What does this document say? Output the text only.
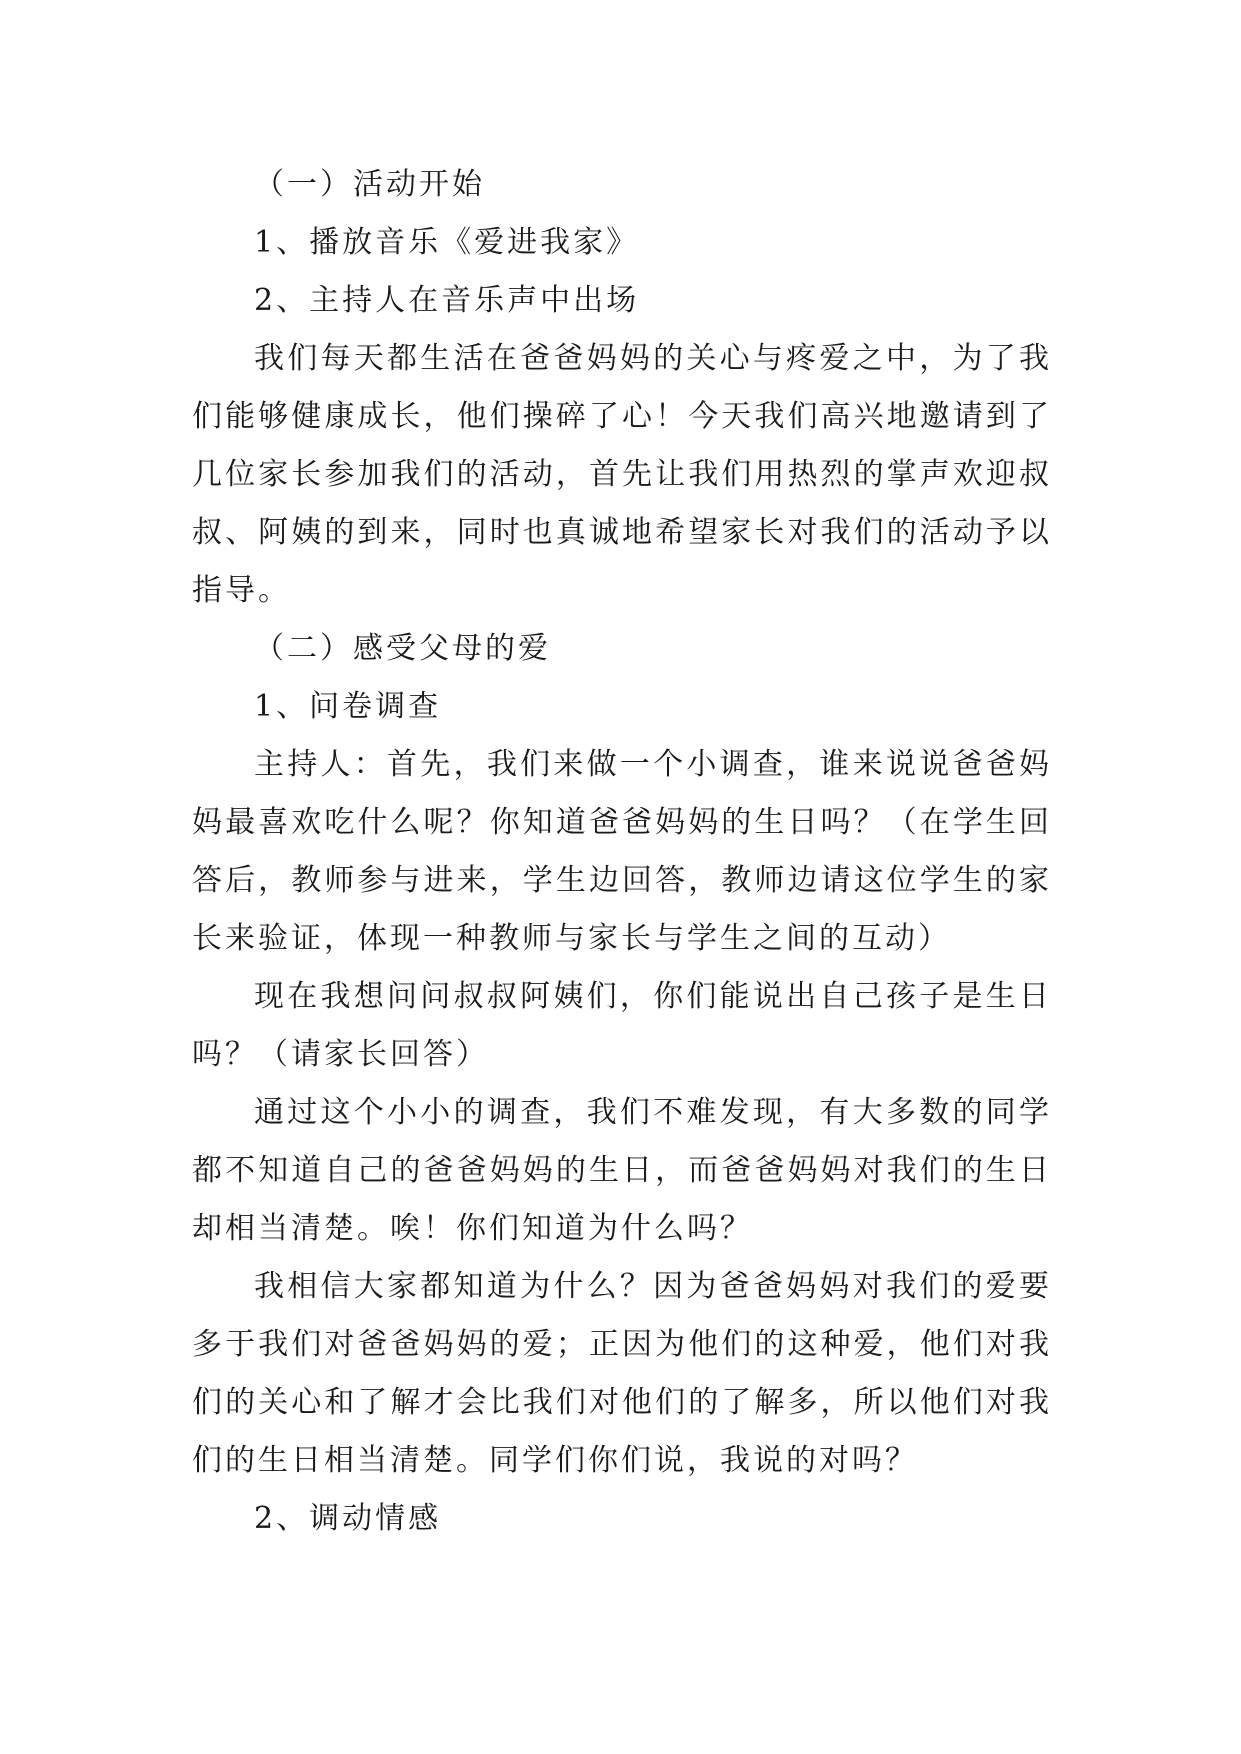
（一）活动开始

1、播放音乐《爱进我家》

2、主持人在音乐声中出场

我们每天都生活在爸爸妈妈的关心与疼爱之中，为了我们能够健康成长，他们操碎了心！今天我们高兴地邀请到了几位家长参加我们的活动，首先让我们用热烈的掌声欢迎叔叔、阿姨的到来，同时也真诚地希望家长对我们的活动予以指导。

（二）感受父母的爱

1、问卷调查

主持人：首先，我们来做一个小调查，谁来说说爸爸妈妈最喜欢吃什么呢？你知道爸爸妈妈的生日吗？（在学生回答后，教师参与进来，学生边回答，教师边请这位学生的家长来验证，体现一种教师与家长与学生之间的互动）

现在我想问问叔叔阿姨们，你们能说出自己孩子是生日吗？（请家长回答）

通过这个小小的调查，我们不难发现，有大多数的同学都不知道自己的爸爸妈妈的生日，而爸爸妈妈对我们的生日却相当清楚。唉！你们知道为什么吗？

我相信大家都知道为什么？因为爸爸妈妈对我们的爱要多于我们对爸爸妈妈的爱；正因为他们的这种爱，他们对我们的关心和了解才会比我们对他们的了解多，所以他们对我们的生日相当清楚。同学们你们说，我说的对吗？

2、调动情感
